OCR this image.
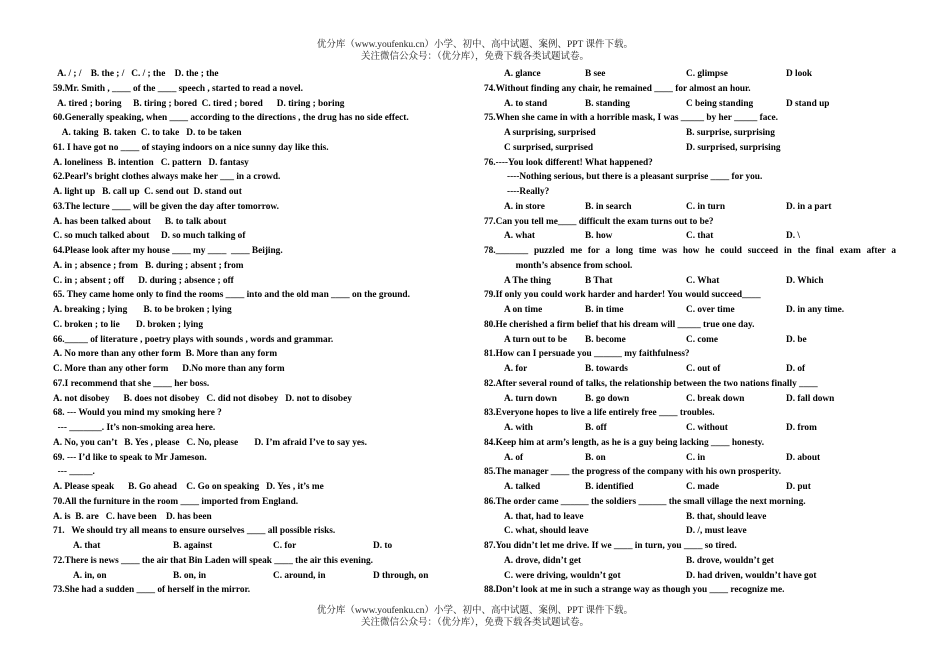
优分库（www.youfenku.cn）小学、初中、高中试题、案例、PPT 课件下载。
关注微信公众号：（优分库），免费下载各类试题试卷。
A. / ; /    B. the ; /   C. / ; the    D. the ; the
59.Mr. Smith , ____ of the ____ speech , started to read a novel.
A. tired ; boring     B. tiring ; bored  C. tired ; bored      D. tiring ; boring
60.Generally speaking, when ____ according to the directions , the drug has no side effect.
A. taking  B. taken  C. to take   D. to be taken
61. I have got no ____ of staying indoors on a nice sunny day like this.
A. loneliness  B. intention   C. pattern   D. fantasy
62.Pearl’s bright clothes always make her ___ in a crowd.
A. light up   B. call up  C. send out  D. stand out
63.The lecture ____ will be given the day after tomorrow.
A. has been talked about      B. to talk about
C. so much talked about     D. so much talking of
64.Please look after my house ____ my ____  ____ Beijing.
A. in ; absence ; from   B. during ; absent ; from
C. in ; absent ; off      D. during ; absence ; off
65. They came home only to find the rooms ____ into and the old man ____ on the ground.
A. breaking ; lying       B. to be broken ; lying
C. broken ; to lie       D. broken ; lying
66._____ of literature , poetry plays with sounds , words and grammar.
A. No more than any other form  B. More than any form
C. More than any other form      D.No more than any form
67.I recommend that she ____ her boss.
A. not disobey      B. does not disobey   C. did not disobey   D. not to disobey
68. --- Would you mind my smoking here ?
--- _______. It’s non-smoking area here.
A. No, you can’t   B. Yes , please   C. No, please       D. I’m afraid I’ve to say yes.
69. --- I’d like to speak to Mr Jameson.
--- _____.
A. Please speak      B. Go ahead    C. Go on speaking   D. Yes , it’s me
70.All the furniture in the room ____ imported from England.
A. is  B. are   C. have been    D. has been
71.   We should try all means to ensure ourselves ____ all possible risks.
A. that	B. against	C. for	D. to
72.There is news ____ the air that Bin Laden will speak ____ the air this evening.
A. in, on	B. on, in	C. around, in	D through, on
73.She had a sudden ____ of herself in the mirror.
A. glance	B see	C. glimpse	D look
74.Without finding any chair, he remained ____ for almost an hour.
A. to stand	B. standing	C being standing	D stand up
75.When she came in with a horrible mask, I was _____ by her _____ face.
A surprising, surprised	B. surprise, surprising
C surprised, surprised	D. surprised, surprising
76.----You look different! What happened?
----Nothing serious, but there is a pleasant surprise ____ for you.
----Really?
A. in store	B. in search	C. in turn	D. in a part
77.Can you tell me____ difficult the exam turns out to be?
A. what	B. how	C. that	D. \
78._______ puzzled me for a long time was how he could succeed in the final exam after a
month’s absence from school.
A The thing	B That	C. What	D. Which
79.If only you could work harder and harder! You would succeed____
A on time	B. in time	C. over time	D. in any time.
80.He cherished a firm belief that his dream will _____ true one day.
A turn out to be	B. become	C. come	D. be
81.How can I persuade you ______ my faithfulness?
A. for	B. towards	C. out of	D. of
82.After several round of talks, the relationship between the two nations finally ____
A. turn down	B. go down	C. break down	D. fall down
83.Everyone hopes to live a life entirely free ____ troubles.
A. with	B. off	C. without	D. from
84.Keep him at arm’s length, as he is a guy being lacking ____ honesty.
A. of	B. on	C. in	D. about
85.The manager ____ the progress of the company with his own prosperity.
A. talked	B. identified	C. made	D. put
86.The order came ______ the soldiers ______ the small village the next morning.
A. that, had to leave	B. that, should leave
C. what, should leave	D. /, must leave
87.You didn’t let me drive. If we ____ in turn, you ____ so tired.
A. drove, didn’t get	B. drove, wouldn’t get
C. were driving, wouldn’t got	D. had driven, wouldn’t have got
88.Don’t look at me in such a strange way as though you ____ recognize me.
优分库（www.youfenku.cn）小学、初中、高中试题、案例、PPT 课件下载。
关注微信公众号：（优分库），免费下载各类试题试卷。
